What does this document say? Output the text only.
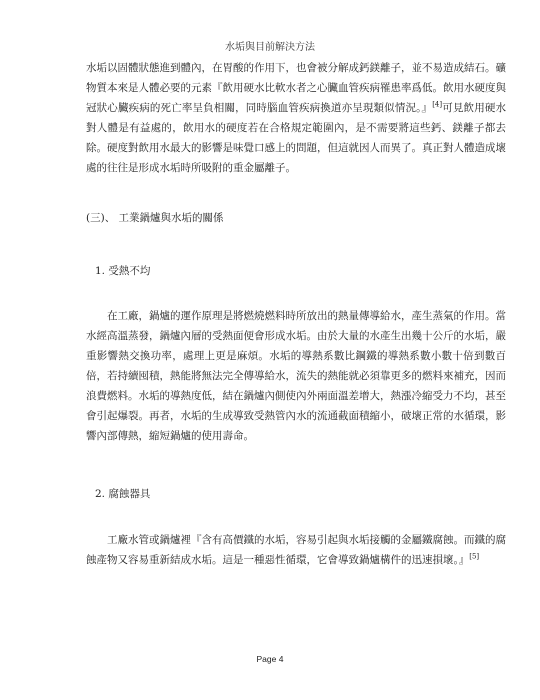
水垢與目前解決方法
水垢以固體狀態進到體內，在胃酸的作用下，也會被分解成鈣鎂離子，並不易造成結石。礦物質本來是人體必要的元素『飲用硬水比軟水者之心臟血管疾病罹患率爲低。飲用水硬度與冠狀心臟疾病的死亡率呈負相關，同時腦血管疾病換道亦呈現類似情況。』[4]可見飲用硬水對人體是有益處的，飲用水的硬度若在合格規定範圍內，是不需要將這些鈣、鎂離子都去除。硬度對飲用水最大的影響是味覺口感上的問題，但這就因人而異了。真正對人體造成壞處的往往是形成水垢時所吸附的重金屬離子。
(三)、 工業鍋爐與水垢的關係
1. 受熱不均
在工廠，鍋爐的運作原理是將燃燒燃料時所放出的熱量傳導給水，產生蒸氣的作用。當水經高溫蒸發，鍋爐內層的受熱面便會形成水垢。由於大量的水產生出幾十公斤的水垢，嚴重影響熱交換功率，處理上更是麻煩。水垢的導熱系數比鋼鐵的導熱系數小數十倍到數百倍，若持續囤積，熱能將無法完全傳導給水，流失的熱能就必須靠更多的燃料來補充，因而浪費燃料。水垢的導熱度低，結在鍋爐內側使內外兩面溫差增大，熱漲冷縮受力不均，甚至會引起爆裂。再者，水垢的生成導致受熱管內水的流通截面積縮小，破壞正常的水循環，影響內部傳熱，縮短鍋爐的使用壽命。
2. 腐蝕器具
工廠水管或鍋爐裡『含有高價鐵的水垢，容易引起與水垢接觸的金屬鐵腐蝕。而鐵的腐蝕產物又容易重新結成水垢。這是一種惡性循環，它會導致鍋爐構件的迅速損壞。』[5]
Page 4
